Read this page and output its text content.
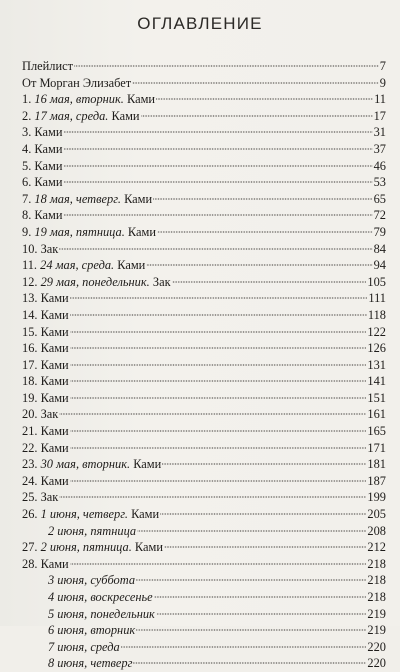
ОГЛАВЛЕНИЕ
Плейлист	7
От Морган Элизабет	9
1. 16 мая, вторник. Ками	11
2. 17 мая, среда. Ками	17
3. Ками	31
4. Ками	37
5. Ками	46
6. Ками	53
7. 18 мая, четверг. Ками	65
8. Ками	72
9. 19 мая, пятница. Ками	79
10. Зак	84
11. 24 мая, среда. Ками	94
12. 29 мая, понедельник. Зак	105
13. Ками	111
14. Ками	118
15. Ками	122
16. Ками	126
17. Ками	131
18. Ками	141
19. Ками	151
20. Зак	161
21. Ками	165
22. Ками	171
23. 30 мая, вторник. Ками	181
24. Ками	187
25. Зак	199
26. 1 июня, четверг. Ками	205
2 июня, пятница	208
27. 2 июня, пятница. Ками	212
28. Ками	218
3 июня, суббота	218
4 июня, воскресенье	218
5 июня, понедельник	219
6 июня, вторник	219
7 июня, среда	220
8 июня, четверг	220
